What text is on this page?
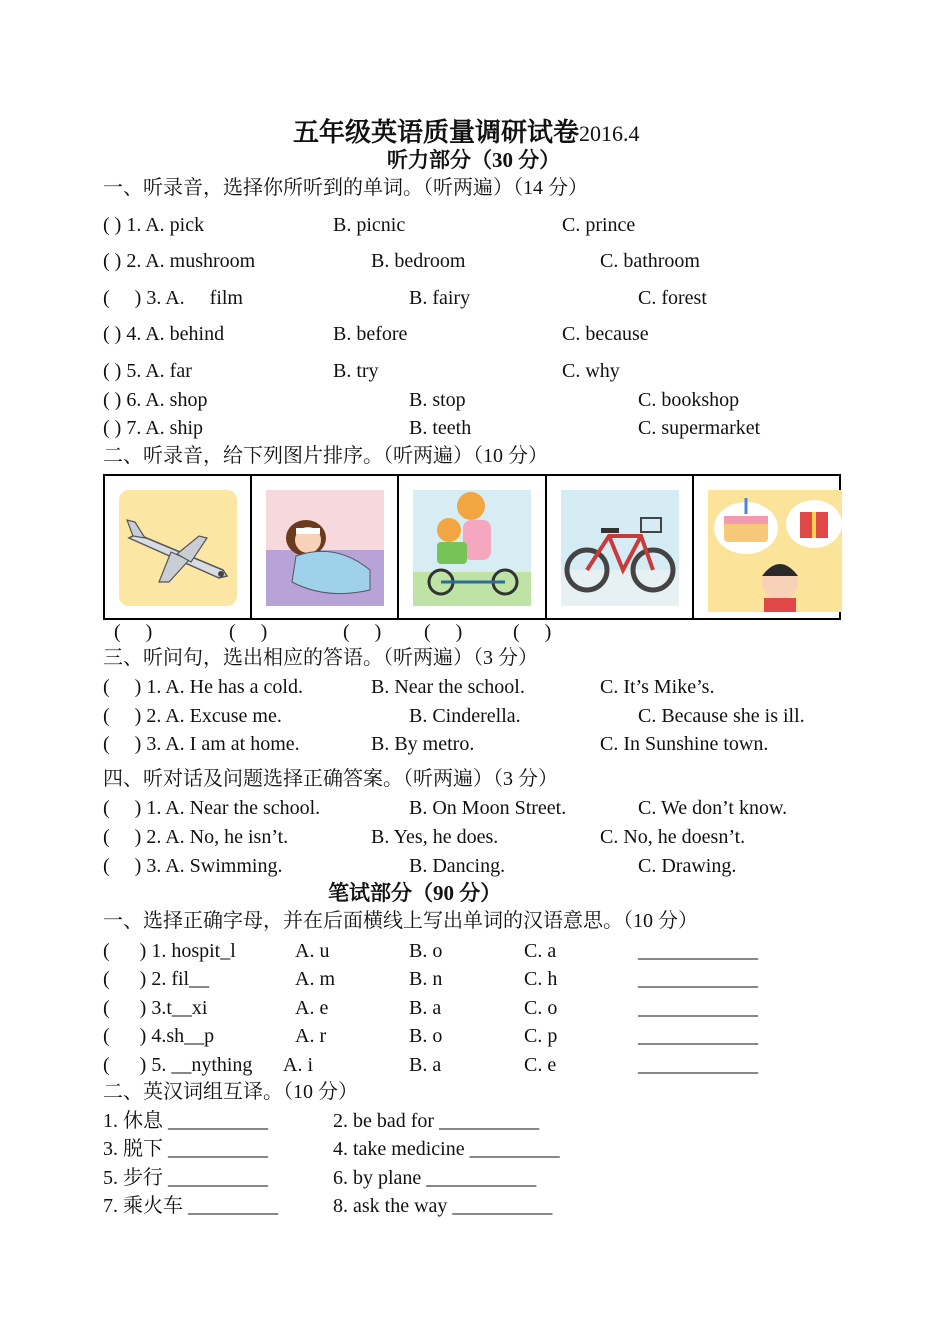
五年级英语质量调研试卷2016.4
听力部分（30 分）
一、听录音，选择你所听到的单词。（听两遍）（14 分）
( ) 1. A. pick	B. picnic	C. prince
( ) 2. A. mushroom	B. bedroom	C. bathroom
(     ) 3. A.     film	B. fairy	C. forest
( ) 4. A. behind	B. before	C. because
( ) 5. A. far	B. try	C. why
( ) 6. A. shop	B. stop	C. bookshop
( ) 7. A. ship	B. teeth	C. supermarket
二、听录音，给下列图片排序。（听两遍）（10 分）
(     )	(     )	(     ) (     )	(     )
三、听问句，选出相应的答语。（听两遍）（3 分）
(     ) 1. A. He has a cold.	B. Near the school.	C. It’s Mike’s.
(     ) 2. A. Excuse me.	B. Cinderella.	C. Because she is ill.
(     ) 3. A. I am at home.	B. By metro.	C. In Sunshine town.
四、听对话及问题选择正确答案。（听两遍）（3 分）
(     ) 1. A. Near the school.	B. On Moon Street.	C. We don’t know.
(     ) 2. A. No, he isn’t.	B. Yes, he does.	C. No, he doesn’t.
(     ) 3. A. Swimming.	B. Dancing.	C. Drawing.
笔试部分（90 分）
一、选择正确字母，并在后面横线上写出单词的汉语意思。（10 分）
(      ) 1. hospit_l	A. u	B. o	C. a	____________
(      ) 2. fil__	A. m	B. n	C. h	____________
(      ) 3.t__xi	A. e	B. a	C. o	____________
(      ) 4.sh__p	A. r	B. o	C. p	____________
(      ) 5. __nything A. i	B. a	C. e	____________
二、英汉词组互译。（10 分）
1. 休息 __________	2. be bad for __________
3. 脱下 __________	4. take medicine _________
5. 步行 __________	6. by plane ___________
7. 乘火车 _________	8. ask the way __________
